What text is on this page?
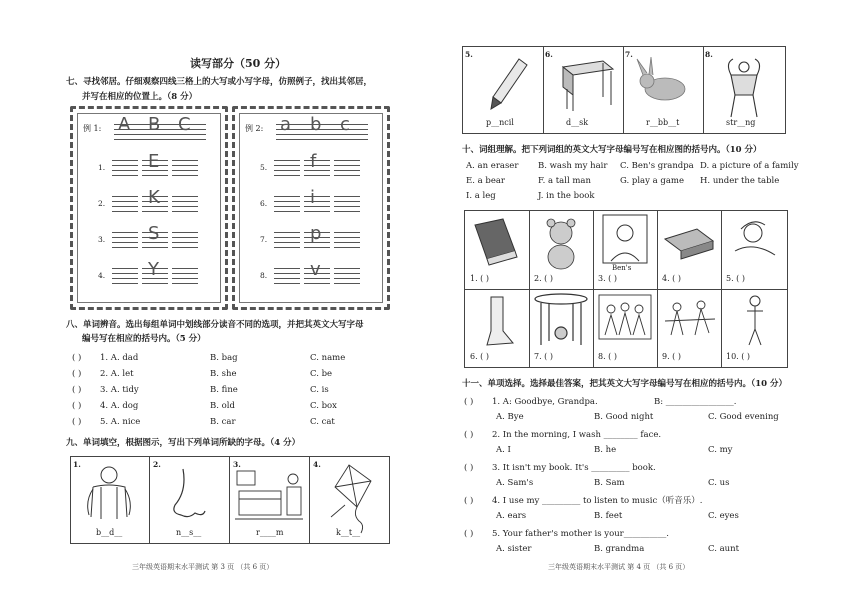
读写部分（50 分）
七、寻找邻居。仔细观察四线三格上的大写或小写字母，仿照例子，找出其邻居，
并写在相应的位置上。（8 分）
例 1:	例 2:
A B C
1. E
2. K
3. S
4. Y
a b c
5. f
6. i
7. p
8. v
八、单词辨音。选出每组单词中划线部分读音不同的选项，并把其英文大写字母
编号写在相应的括号内。（5 分）
( ) 1. A. dad	B. bag	C. name
( ) 2. A. let	B. she	C. be
( ) 3. A. tidy	B. fine	C. is
( ) 4. A. dog	B. old	C. box
( ) 5. A. nice	B. car	C. cat
九、单词填空，根据图示，写出下列单词所缺的字母。（4 分）
1.
b__d__
2.
n__s__
3.
r____m
4.
k__t__
三年级英语期末水平测试 第 3 页 （共 6 页）
5.
p__ncil
6.
d__sk
7.
r__bb__t
8.
str__ng
十、词组理解。把下列词组的英文大写字母编号写在相应图的括号内。（10 分）
A. an eraser B. wash my hair C. Ben's grandpa D. a picture of a family
E. a bear	F. a tall man	G. play a game H. under the table
I. a leg	J. in the book
1. ( )	2. ( )	3. ( )	4. ( )	5. ( )
6. ( )	7. ( )	8. ( )	9. ( )	10. ( )
Ben's
十一、单项选择。选择最佳答案，把其英文大写字母编号写在相应的括号内。（10 分）
( ) 1. A: Goodbye, Grandpa.	B: ________________.
A. Bye	B. Good night	C. Good evening
( ) 2. In the morning, I wash ________ face.
A. I	B. he	C. my
( ) 3. It isn't my book. It's _________ book.
A. Sam's	B. Sam	C. us
( ) 4. I use my _________ to listen to music（听音乐）.
A. ears	B. feet	C. eyes
( ) 5. Your father's mother is your__________.
A. sister	B. grandma	C. aunt
三年级英语期末水平测试 第 4 页 （共 6 页）
